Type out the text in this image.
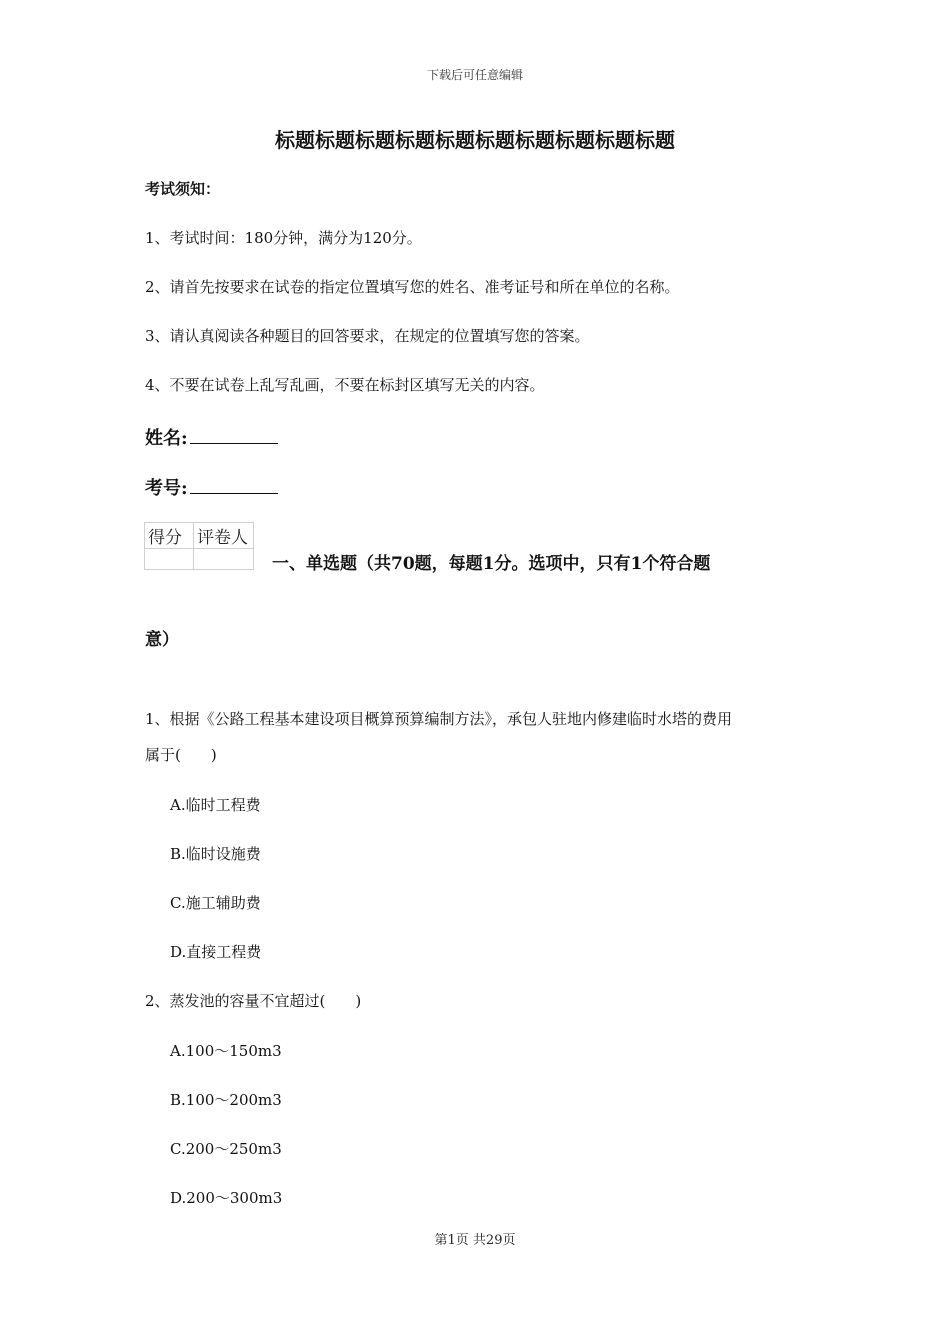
下载后可任意编辑
标题标题标题标题标题标题标题标题标题标题
考试须知：
1、考试时间：180分钟，满分为120分。
2、请首先按要求在试卷的指定位置填写您的姓名、准考证号和所在单位的名称。
3、请认真阅读各种题目的回答要求，在规定的位置填写您的答案。
4、不要在试卷上乱写乱画，不要在标封区填写无关的内容。
姓名:
考号:
得分	评卷人

一、单选题（共70题，每题1分。选项中，只有1个符合题
意）
1、根据《公路工程基本建设项目概算预算编制方法》，承包人驻地内修建临时水塔的费用
属于(　　)
A.临时工程费
B.临时设施费
C.施工辅助费
D.直接工程费
2、蒸发池的容量不宜超过(　　)
A.100～150m3
B.100～200m3
C.200～250m3
D.200～300m3
第1页 共29页
